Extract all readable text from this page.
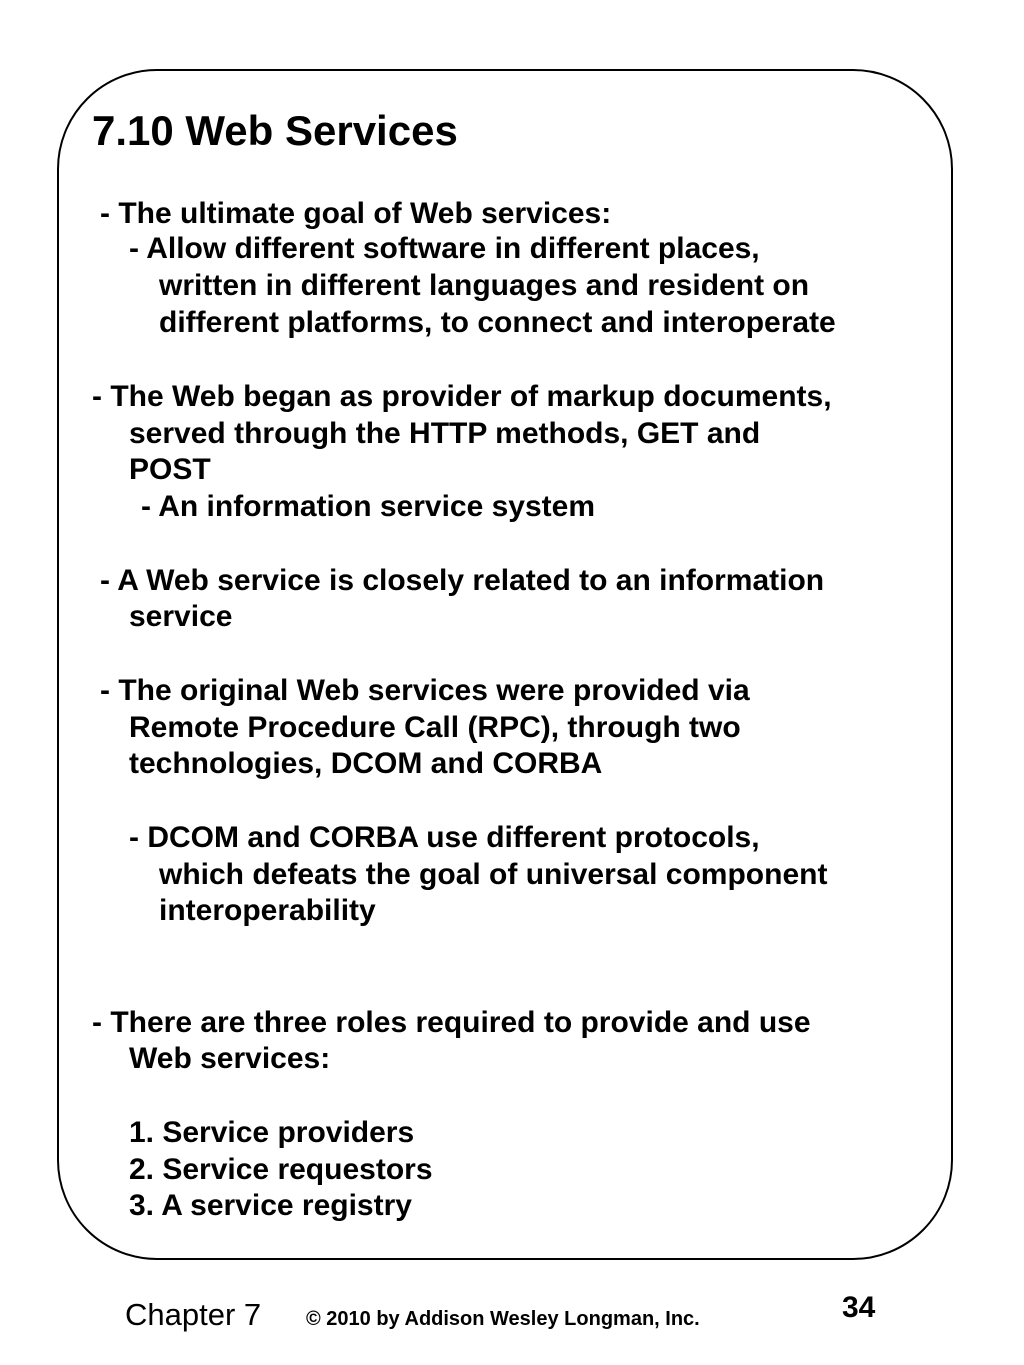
7.10 Web Services
- The ultimate goal of Web services:
- Allow different software in different places,
written in different languages and resident on
different platforms, to connect and interoperate
- The Web began as provider of markup documents,
served through the HTTP methods, GET and
POST
- An information service system
- A Web service is closely related to an information
service
- The original Web services were provided via
Remote Procedure Call (RPC), through two
technologies, DCOM and CORBA
- DCOM and CORBA use different protocols,
which defeats the goal of universal component
interoperability
- There are three roles required to provide and use
Web services:
1. Service providers
2. Service requestors
3. A service registry
Chapter 7 © 2010 by Addison Wesley Longman, Inc.	34
